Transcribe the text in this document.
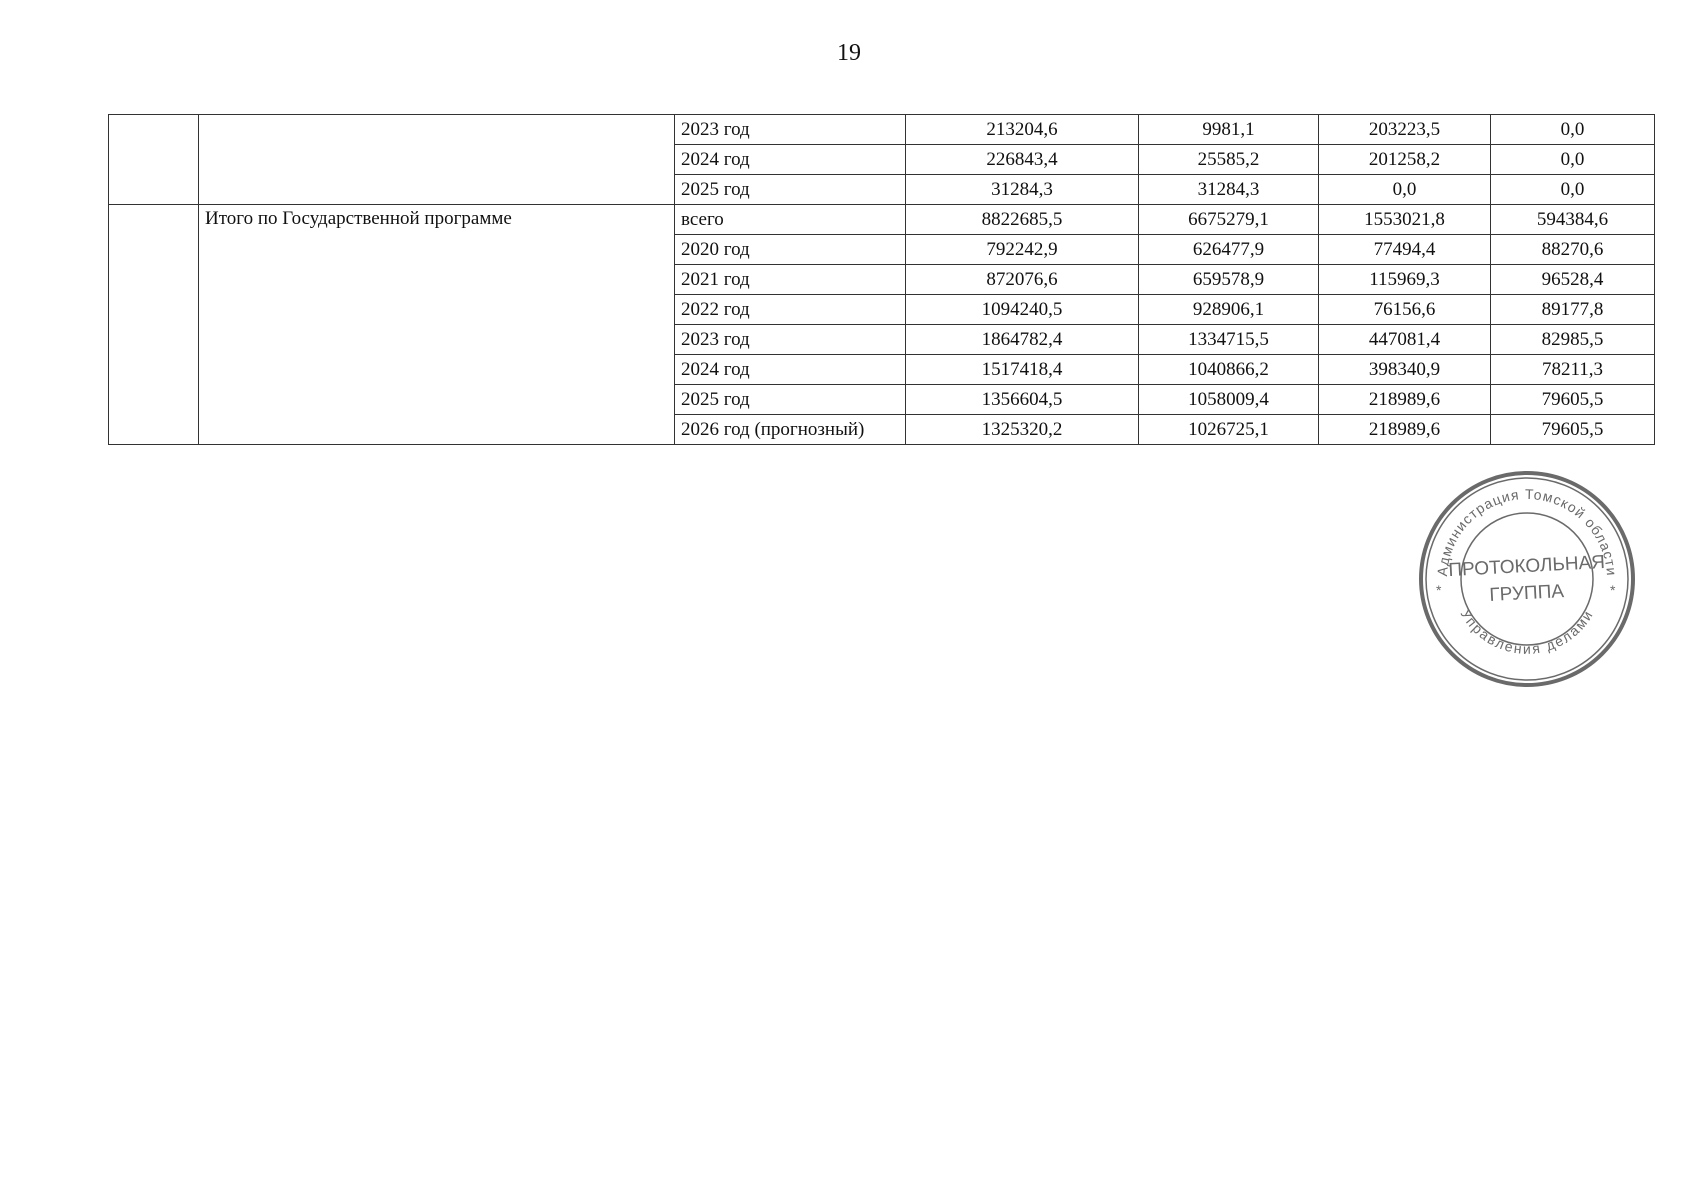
19
		2023 год	213204,6	9981,1	203223,5	0,0
		2024 год	226843,4	25585,2	201258,2	0,0
		2025 год	31284,3	31284,3	0,0	0,0
	Итого по Государственной программе	всего	8822685,5	6675279,1	1553021,8	594384,6
		2020 год	792242,9	626477,9	77494,4	88270,6
		2021 год	872076,6	659578,9	115969,3	96528,4
		2022 год	1094240,5	928906,1	76156,6	89177,8
		2023 год	1864782,4	1334715,5	447081,4	82985,5
		2024 год	1517418,4	1040866,2	398340,9	78211,3
		2025 год	1356604,5	1058009,4	218989,6	79605,5
		2026 год (прогнозный)	1325320,2	1026725,1	218989,6	79605,5
Администрация Томской области
Управления делами
*	*
ПРОТОКОЛЬНАЯ
ГРУППА
